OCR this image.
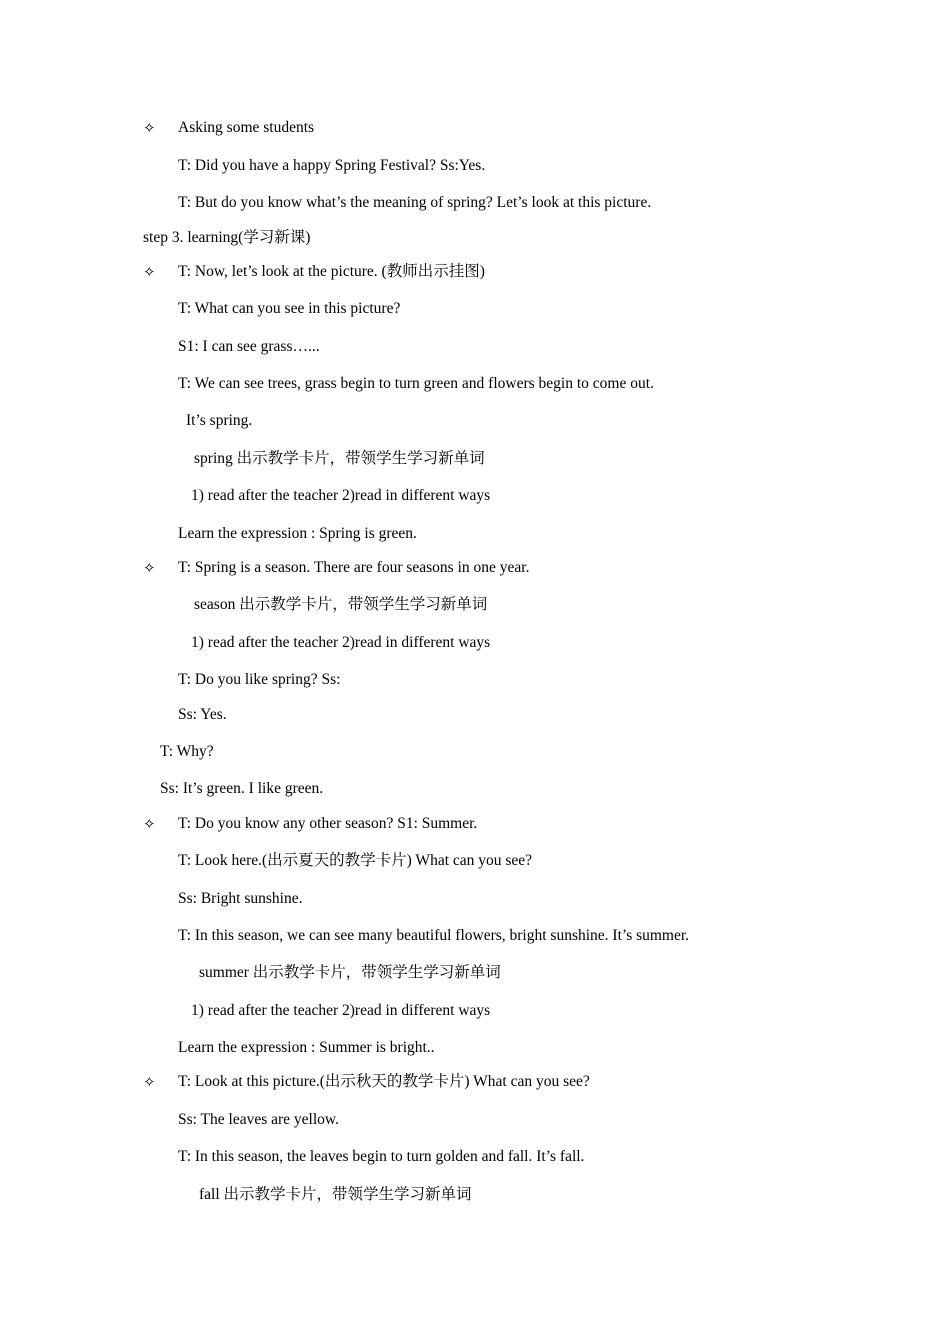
✧ Asking some students
T: Did you have a happy Spring Festival? Ss:Yes.
T: But do you know what’s the meaning of spring? Let’s look at this picture.
step 3. learning(学习新课)
✧ T: Now, let’s look at the picture. (教师出示挂图)
T: What can you see in this picture?
S1: I can see grass…...
T: We can see trees, grass begin to turn green and flowers begin to come out.
It’s spring.
spring 出示教学卡片，带领学生学习新单词
1) read after the teacher 2)read in different ways
Learn the expression : Spring is green.
✧ T: Spring is a season. There are four seasons in one year.
season 出示教学卡片，带领学生学习新单词
1) read after the teacher 2)read in different ways
T: Do you like spring? Ss:
Ss: Yes.
T: Why?
Ss: It’s green. I like green.
✧ T: Do you know any other season? S1: Summer.
T: Look here.(出示夏天的教学卡片) What can you see?
Ss: Bright sunshine.
T: In this season, we can see many beautiful flowers, bright sunshine. It’s summer.
summer 出示教学卡片，带领学生学习新单词
1) read after the teacher 2)read in different ways
Learn the expression : Summer is bright..
✧ T: Look at this picture.(出示秋天的教学卡片) What can you see?
Ss: The leaves are yellow.
T: In this season, the leaves begin to turn golden and fall. It’s fall.
fall 出示教学卡片，带领学生学习新单词
